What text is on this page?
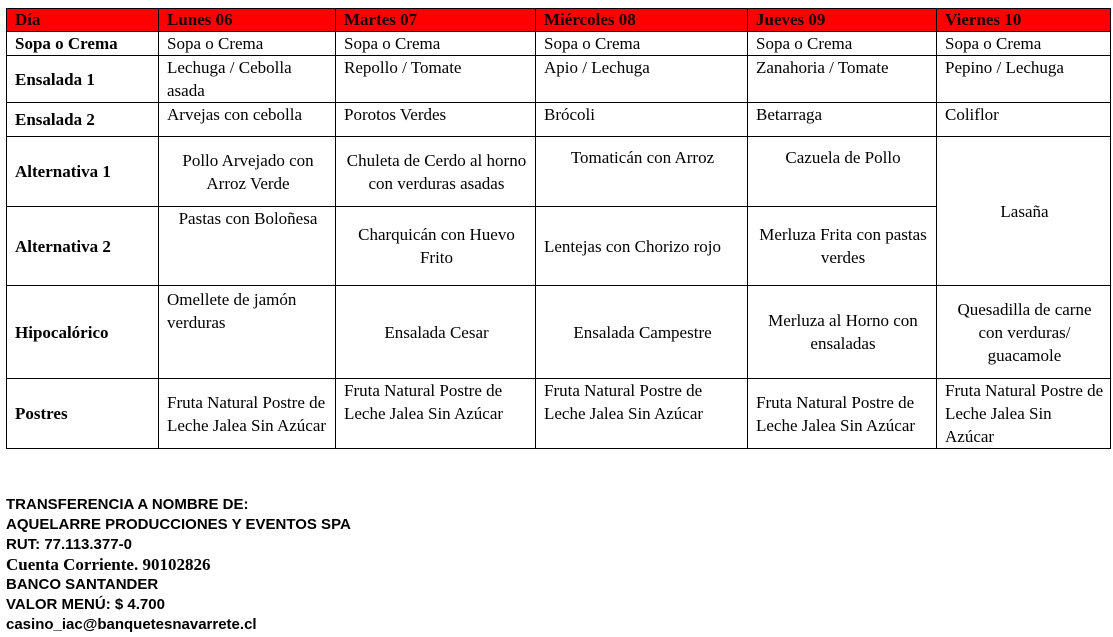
Día	Lunes 06	Martes 07	Miércoles 08	Jueves 09	Viernes 10
Sopa o Crema	Sopa o Crema	Sopa o Crema	Sopa o Crema	Sopa o Crema	Sopa o Crema
Ensalada 1	Lechuga / Cebolla asada	Repollo / Tomate	Apio / Lechuga	Zanahoria / Tomate	Pepino / Lechuga
Ensalada 2	Arvejas con cebolla	Porotos Verdes	Brócoli	Betarraga	Coliflor
Alternativa 1	Pollo Arvejado con Arroz Verde	Chuleta de Cerdo al horno con verduras asadas	Tomaticán con Arroz	Cazuela de Pollo	Lasaña
Alternativa 2	Pastas con Boloñesa	Charquicán con Huevo Frito	Lentejas con Chorizo rojo	Merluza Frita con pastas verdes	
Hipocalórico	Omellete de jamón verduras	Ensalada Cesar	Ensalada Campestre	Merluza al Horno con ensaladas	Quesadilla de carne con verduras/ guacamole
Postres	Fruta Natural Postre de Leche Jalea Sin Azúcar	Fruta Natural Postre de Leche Jalea Sin Azúcar	Fruta Natural Postre de Leche Jalea Sin Azúcar	Fruta Natural Postre de Leche Jalea Sin Azúcar	Fruta Natural Postre de Leche Jalea Sin Azúcar
TRANSFERENCIA A NOMBRE DE:
AQUELARRE PRODUCCIONES Y EVENTOS SPA
RUT: 77.113.377-0
Cuenta Corriente. 90102826
BANCO SANTANDER
VALOR MENÚ: $ 4.700
casino_iac@banquetesnavarrete.cl
